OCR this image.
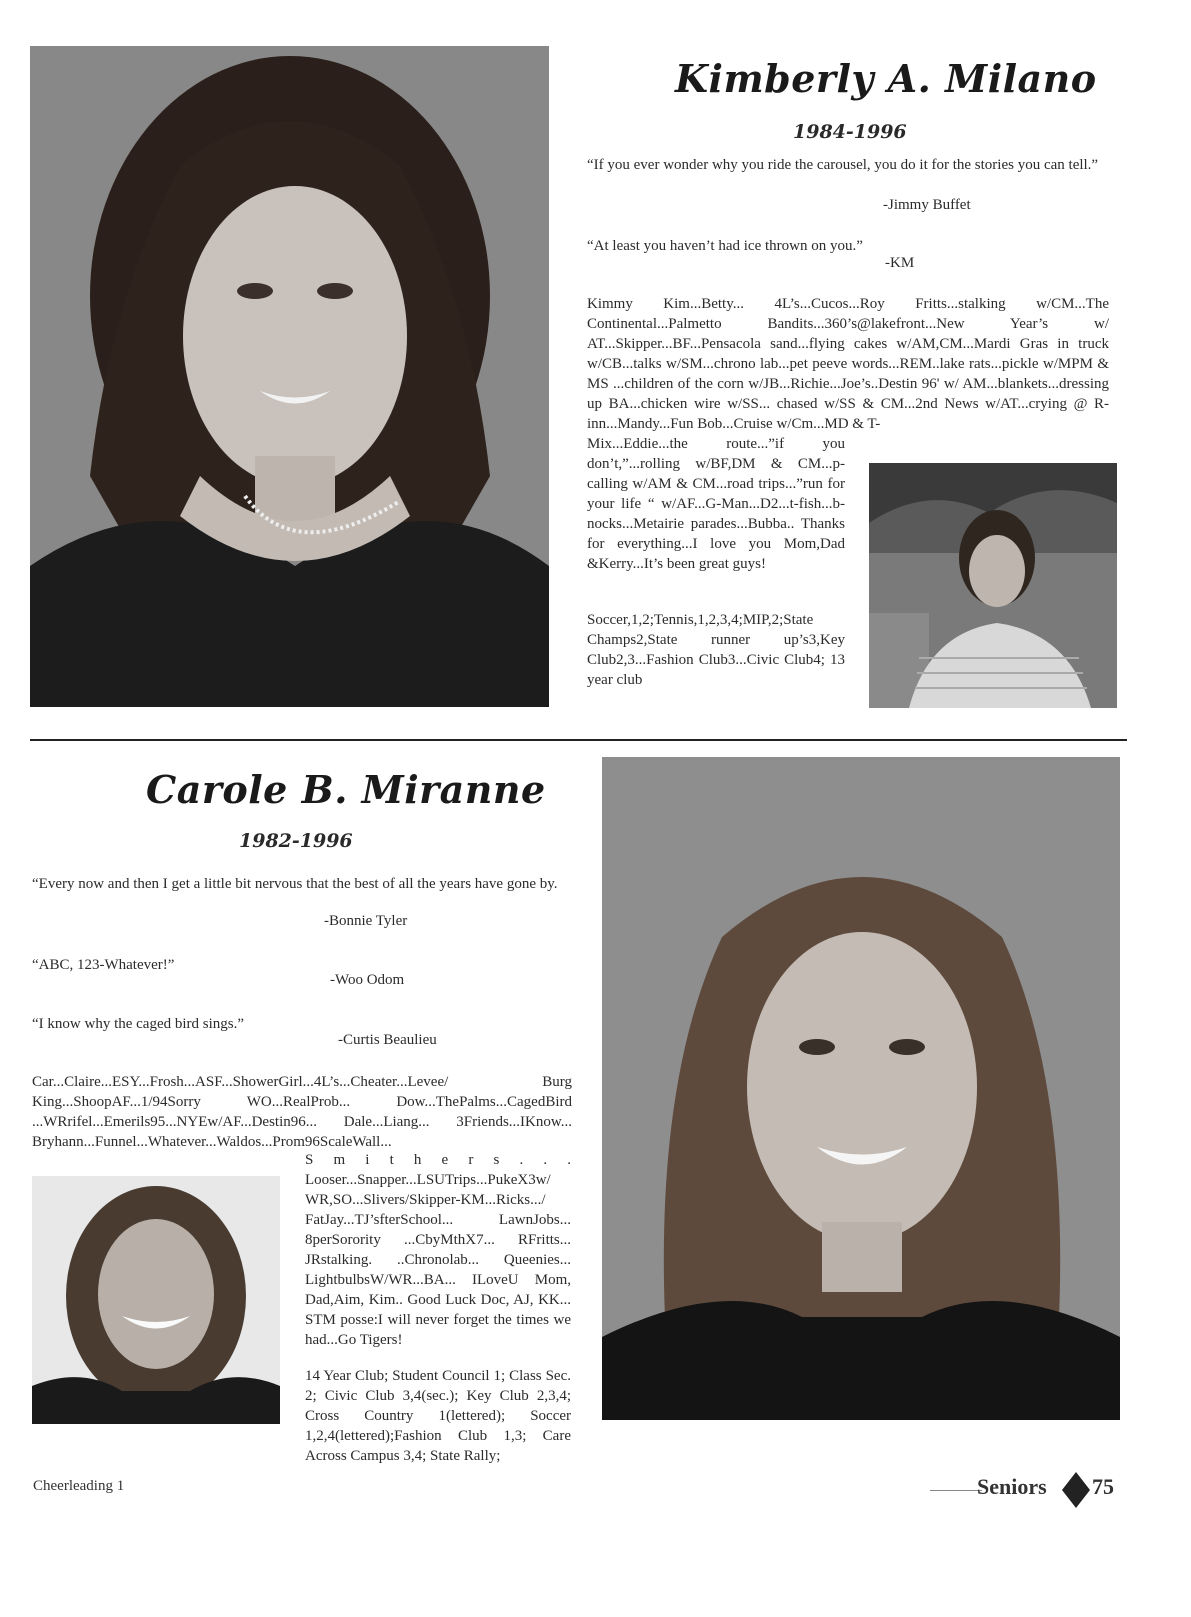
Kimberly A. Milano
1984-1996
“If you ever wonder why you ride the carousel, you do it for the stories you can tell.”
-Jimmy Buffet
“At least you haven’t had ice thrown on you.”
-KM
Kimmy Kim...Betty... 4L’s...Cucos...Roy Fritts...stalking w/CM...The Continental...Palmetto Bandits...360’s@lakefront...New Year’s w/ AT...Skipper...BF...Pensacola sand...flying cakes w/AM,CM...Mardi Gras in truck w/CB...talks w/SM...chrono lab...pet peeve words...REM..lake rats...pickle w/MPM & MS ...children of the corn w/JB...Richie...Joe’s..Destin 96' w/ AM...blankets...dressing up BA...chicken wire w/SS... chased w/SS & CM...2nd News w/AT...crying @ R-inn...Mandy...Fun Bob...Cruise w/Cm...MD & T-
Mix...Eddie...the route...”if you don’t,”...rolling w/BF,DM & CM...p-calling w/AM & CM...road trips...”run for your life “ w/AF...G-Man...D2...t-fish...b-nocks...Metairie parades...Bubba.. Thanks for everything...I love you Mom,Dad &Kerry...It’s been great guys!
Soccer,1,2;Tennis,1,2,3,4;MIP,2;State Champs2,State runner up’s3,Key Club2,3...Fashion Club3...Civic Club4; 13 year club
Carole B. Miranne
1982-1996
“Every now and then I get a little bit nervous that the best of all the years have gone by.
-Bonnie Tyler
“ABC, 123-Whatever!”
-Woo Odom
“I know why the caged bird sings.”
-Curtis Beaulieu
Car...Claire...ESY...Frosh...ASF...ShowerGirl...4L’s...Cheater...Levee/ Burg King...ShoopAF...1/94Sorry WO...RealProb... Dow...ThePalms...CagedBird ...WRrifel...Emerils95...NYEw/AF...Destin96... Dale...Liang... 3Friends...IKnow... Bryhann...Funnel...Whatever...Waldos...Prom96ScaleWall...
S m i t h e r s . . . Looser...Snapper...LSUTrips...PukeX3w/ WR,SO...Slivers/Skipper-KM...Ricks.../ FatJay...TJ’sfterSchool... LawnJobs... 8perSorority ...CbyMthX7... RFritts... JRstalking. ..Chronolab... Queenies... LightbulbsW/WR...BA... ILoveU Mom, Dad,Aim, Kim.. Good Luck Doc, AJ, KK... STM posse:I will never forget the times we had...Go Tigers!
14 Year Club; Student Council 1; Class Sec. 2; Civic Club 3,4(sec.); Key Club 2,3,4; Cross Country 1(lettered); Soccer 1,2,4(lettered);Fashion Club 1,3; Care Across Campus 3,4; State Rally;
Cheerleading 1	Seniors 75
